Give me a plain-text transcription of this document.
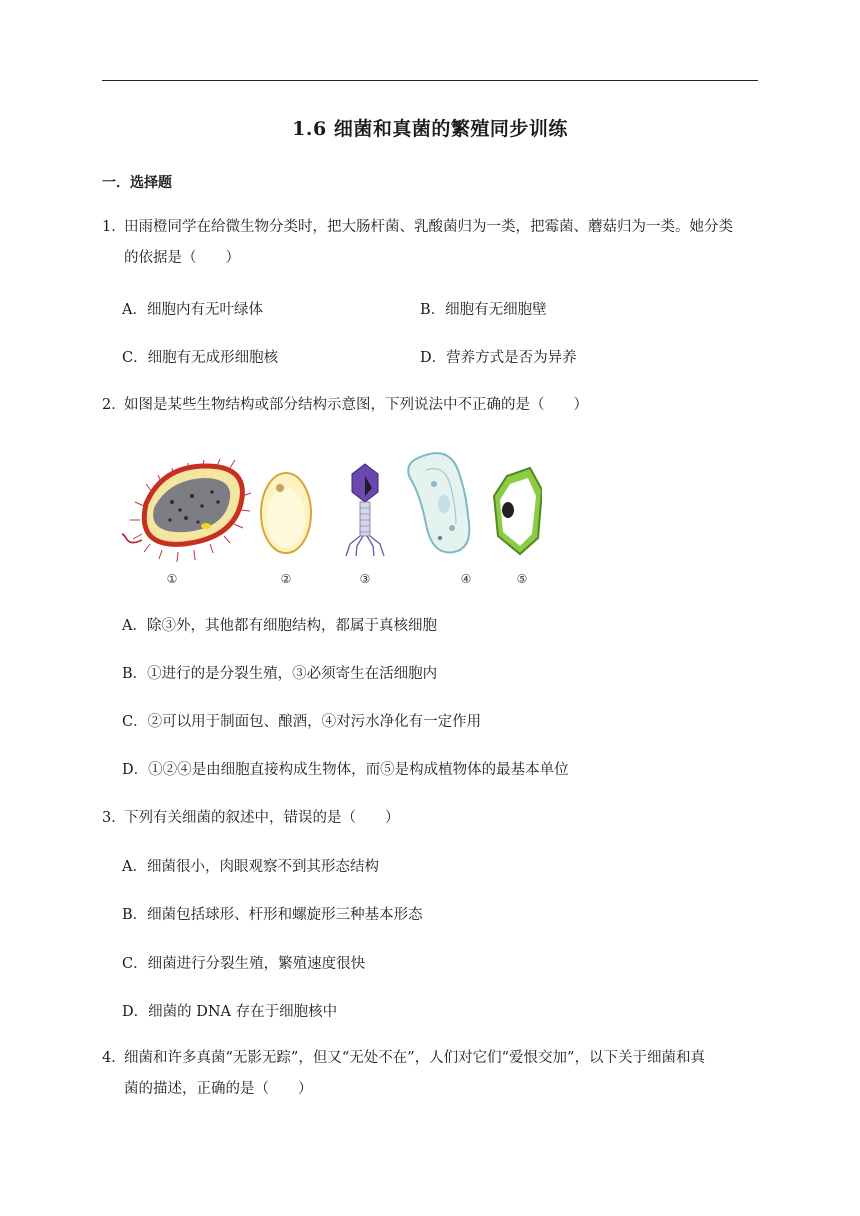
1.6 细菌和真菌的繁殖同步训练
一．选择题
1．田雨橙同学在给微生物分类时，把大肠杆菌、乳酸菌归为一类，把霉菌、蘑菇归为一类。她分类
的依据是（　　）
A．细胞内有无叶绿体	B．细胞有无细胞壁
C．细胞有无成形细胞核	D．营养方式是否为异养
2．如图是某些生物结构或部分结构示意图，下列说法中不正确的是（　　）
①	②	③	④	⑤
A．除③外，其他都有细胞结构，都属于真核细胞
B．①进行的是分裂生殖，③必须寄生在活细胞内
C．②可以用于制面包、酿酒，④对污水净化有一定作用
D．①②④是由细胞直接构成生物体，而⑤是构成植物体的最基本单位
3．下列有关细菌的叙述中，错误的是（　　）
A．细菌很小，肉眼观察不到其形态结构
B．细菌包括球形、杆形和螺旋形三种基本形态
C．细菌进行分裂生殖，繁殖速度很快
D．细菌的 DNA 存在于细胞核中
4．细菌和许多真菌“无影无踪”，但又“无处不在”，人们对它们“爱恨交加”，以下关于细菌和真
菌的描述，正确的是（　　）
